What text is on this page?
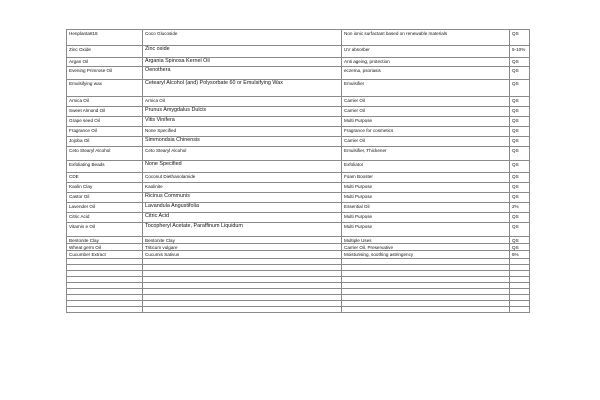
Henplanta818	Coco Glucoside	Non ionic surfactant based on renewable materials	QS
Zinc Oxide	Zinc oxide	UV absorber	5-10%
Argan Oil	Argania Spinosa Kernel Oil	Anti ageing, protection	QS
Evening Primrose Oil	Oenothera	eczema, psoriasis	QS
Emulsifying wax	Cetearyl Alcohol (and) Polysorbate 60 or Emulsifying Wax	Emulsifier	QS
Arnica Oil	Arnica Oil	Carrier Oil	QS
Sweet Almond Oil	Prunus Amygdalus Dulcis	Carrier Oil	QS
Grape seed Oil	Vitis Vinifera	Multi Purpose	QS
Fragrance Oil	None Specified	Fragrance for cosmetics	QS
Jojoba Oil	Simmondsia Chinensis	Carrier Oil	QS
Ceto Stearyl Alcohol	Ceto Stearyl Alcohol	Emulsifier, Thickener	QS
Exfoliating Beads	None Specified	Exfoliator	QS
CDE	Coconut Diethanolamide	Foam Booster	QS
Kaolin Clay	Kaolinite	Multi Purpose	QS
Castor Oil	Ricinus Communis	Multi Purpose	QS
Lavender Oil	Lavandula Angustifolia	Essential Oil	2%
Citric Acid	Citric Acid	Multi Purpose	QS
Vitamin e Oil	Tocopheryl Acetate, Paraffinum Liquidum	Multi Purpose	QS
Bentonite Clay	Bentonite Clay	Multiple Uses	QS
Wheat germ Oil	Triticum vulgare	Carrier Oil, Preservative	QS
Cucumber Extract	Cucumis Sativus	Moisturising, soothing astringency	5%
